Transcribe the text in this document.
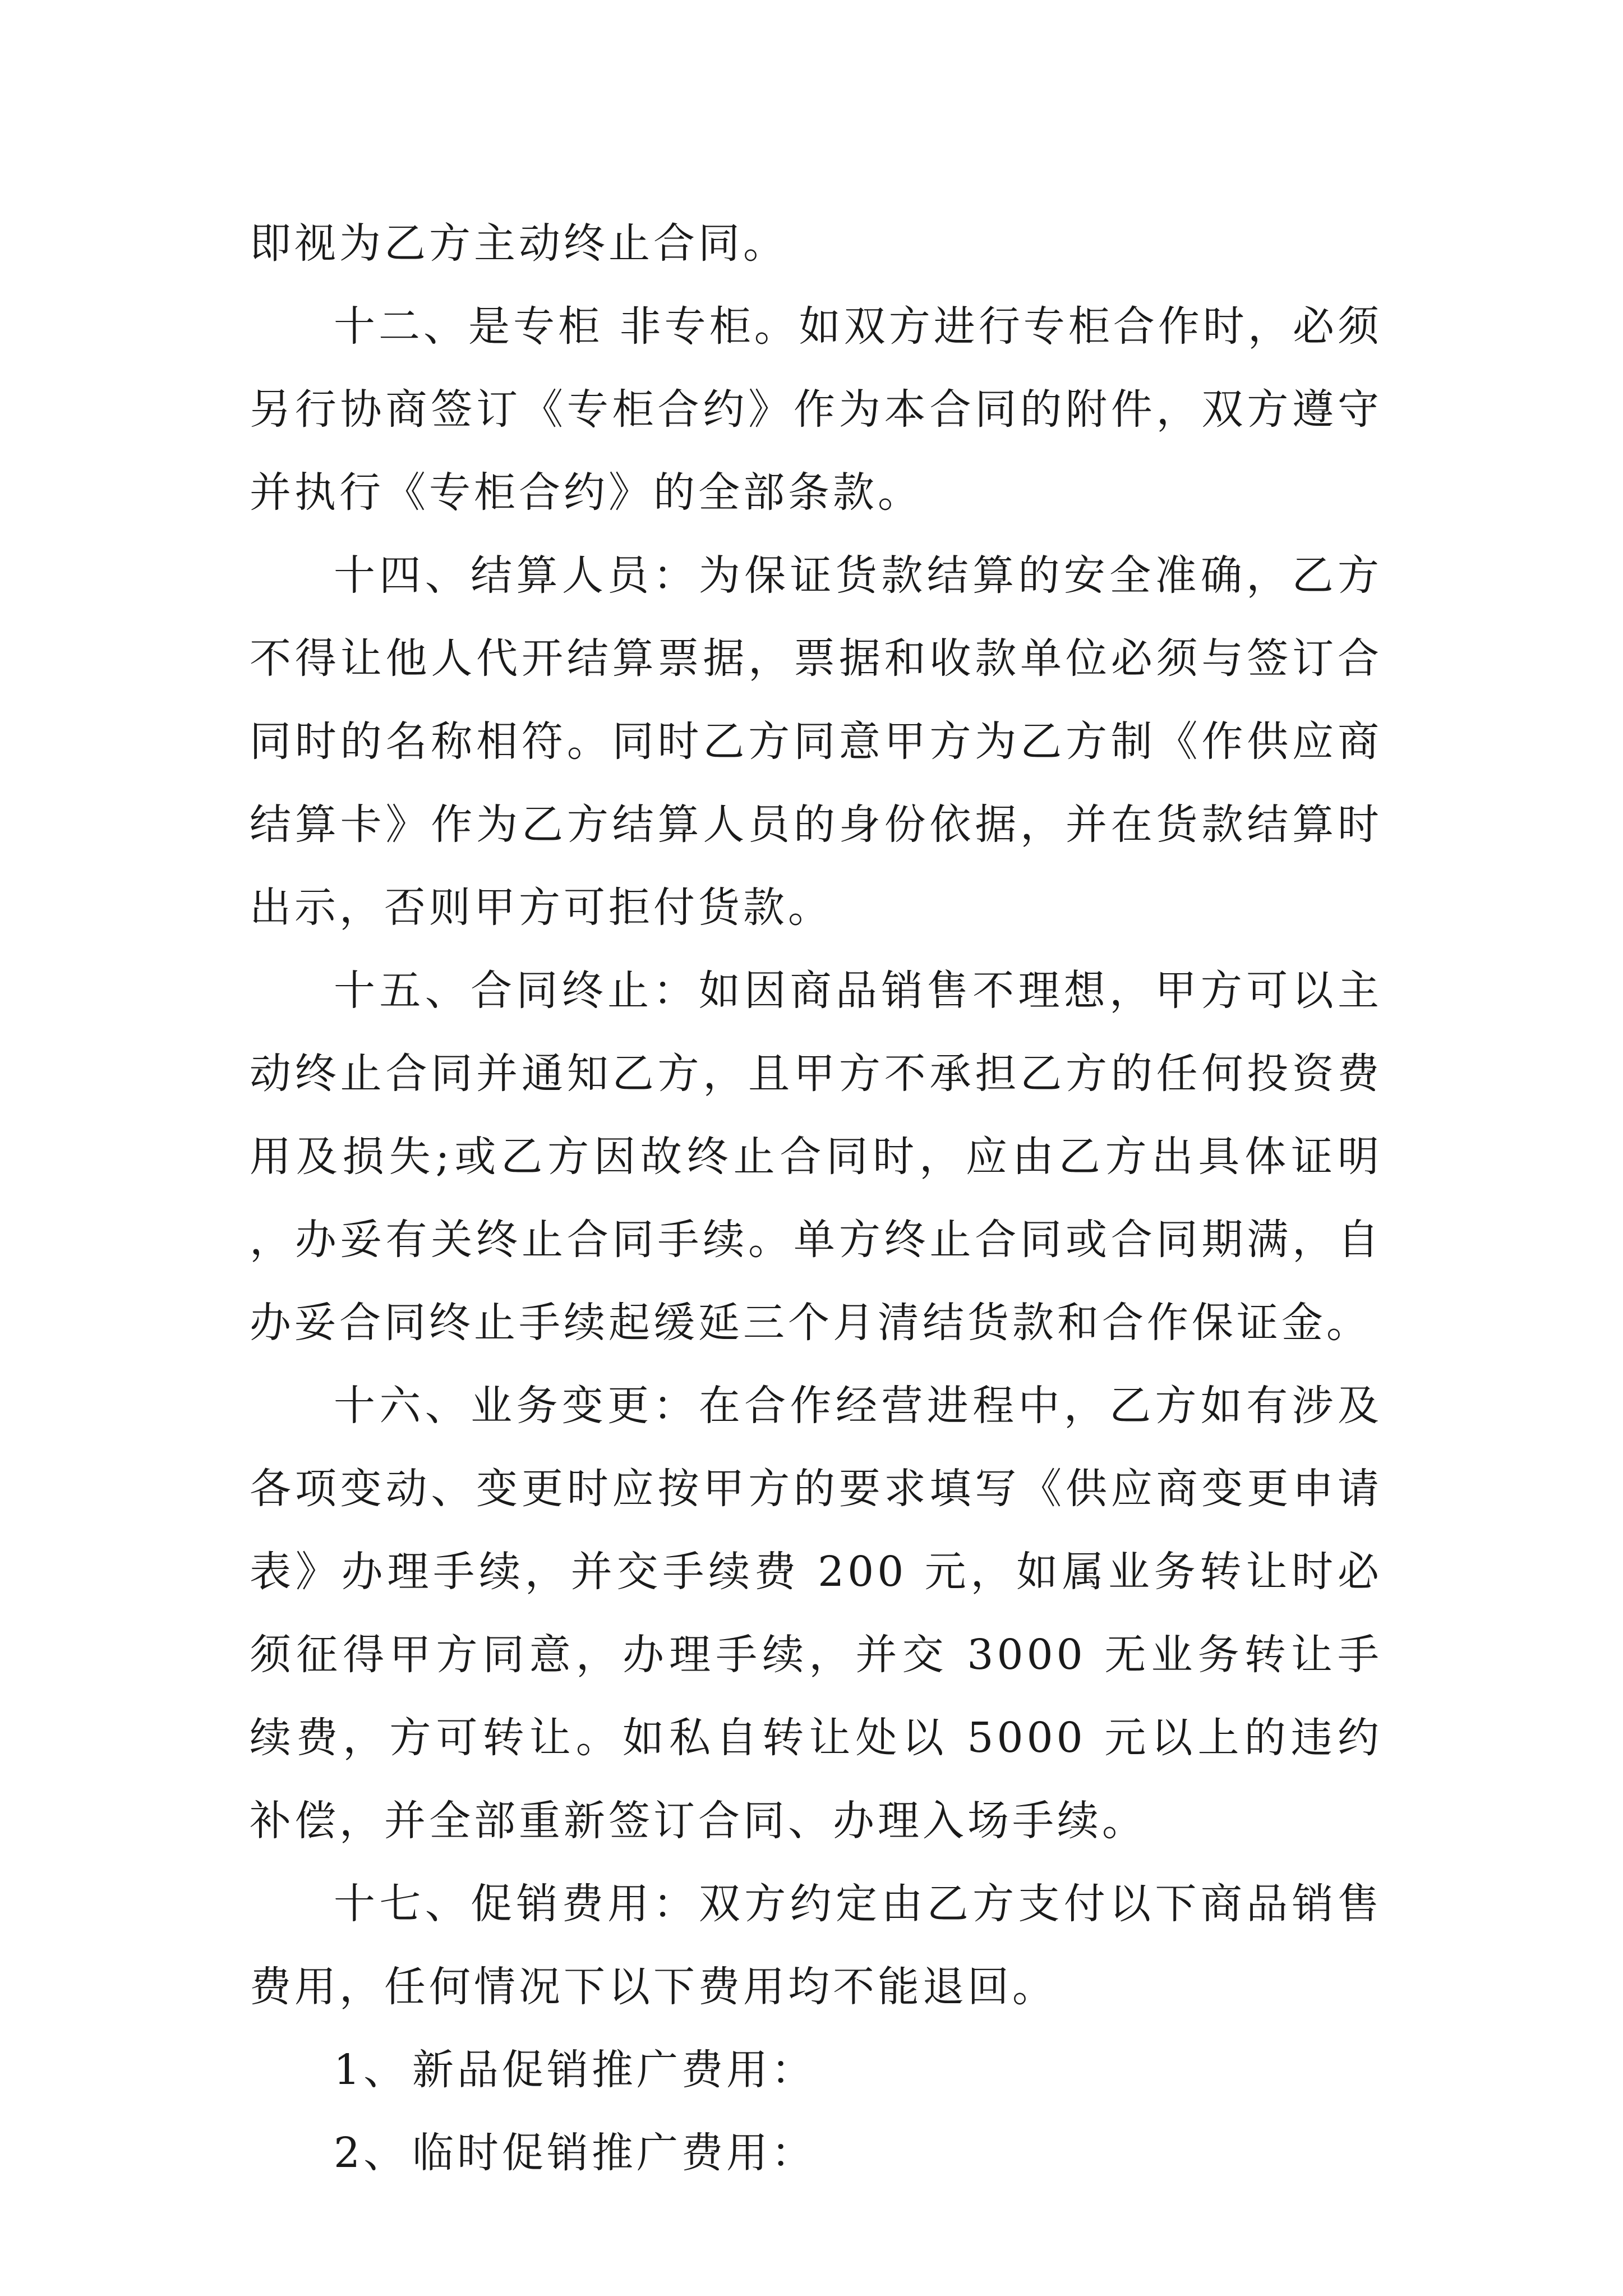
即视为乙方主动终止合同。

十二、是专柜 非专柜。如双方进行专柜合作时，必须另行协商签订《专柜合约》作为本合同的附件，双方遵守并执行《专柜合约》的全部条款。

十四、结算人员：为保证货款结算的安全准确，乙方不得让他人代开结算票据，票据和收款单位必须与签订合同时的名称相符。同时乙方同意甲方为乙方制《作供应商结算卡》作为乙方结算人员的身份依据，并在货款结算时出示，否则甲方可拒付货款。

十五、合同终止：如因商品销售不理想，甲方可以主动终止合同并通知乙方，且甲方不承担乙方的任何投资费用及损失;或乙方因故终止合同时，应由乙方出具体证明，办妥有关终止合同手续。单方终止合同或合同期满，自办妥合同终止手续起缓延三个月清结货款和合作保证金。

十六、业务变更：在合作经营进程中，乙方如有涉及各项变动、变更时应按甲方的要求填写《供应商变更申请表》办理手续，并交手续费 200 元，如属业务转让时必须征得甲方同意，办理手续，并交 3000 无业务转让手续费，方可转让。如私自转让处以 5000 元以上的违约补偿，并全部重新签订合同、办理入场手续。

十七、促销费用：双方约定由乙方支付以下商品销售费用，任何情况下以下费用均不能退回。

1、 新品促销推广费用：
2、 临时促销推广费用：
